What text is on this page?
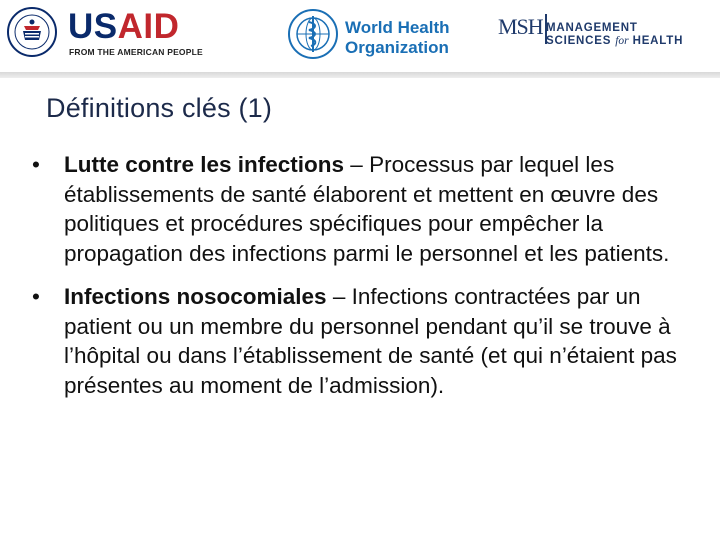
USAID
FROM THE AMERICAN PEOPLE
World Health
Organization
MSH MANAGEMENT
SCIENCES for HEALTH
Définitions clés (1)
• Lutte contre les infections – Processus par lequel les établissements de santé élaborent et mettent en œuvre des politiques et procédures spécifiques pour empêcher la propagation des infections parmi le personnel et les patients.
• Infections nosocomiales – Infections contractées par un patient ou un membre du personnel pendant qu’il se trouve à l’hôpital ou dans l’établissement de santé (et qui n’étaient pas présentes au moment de l’admission).
